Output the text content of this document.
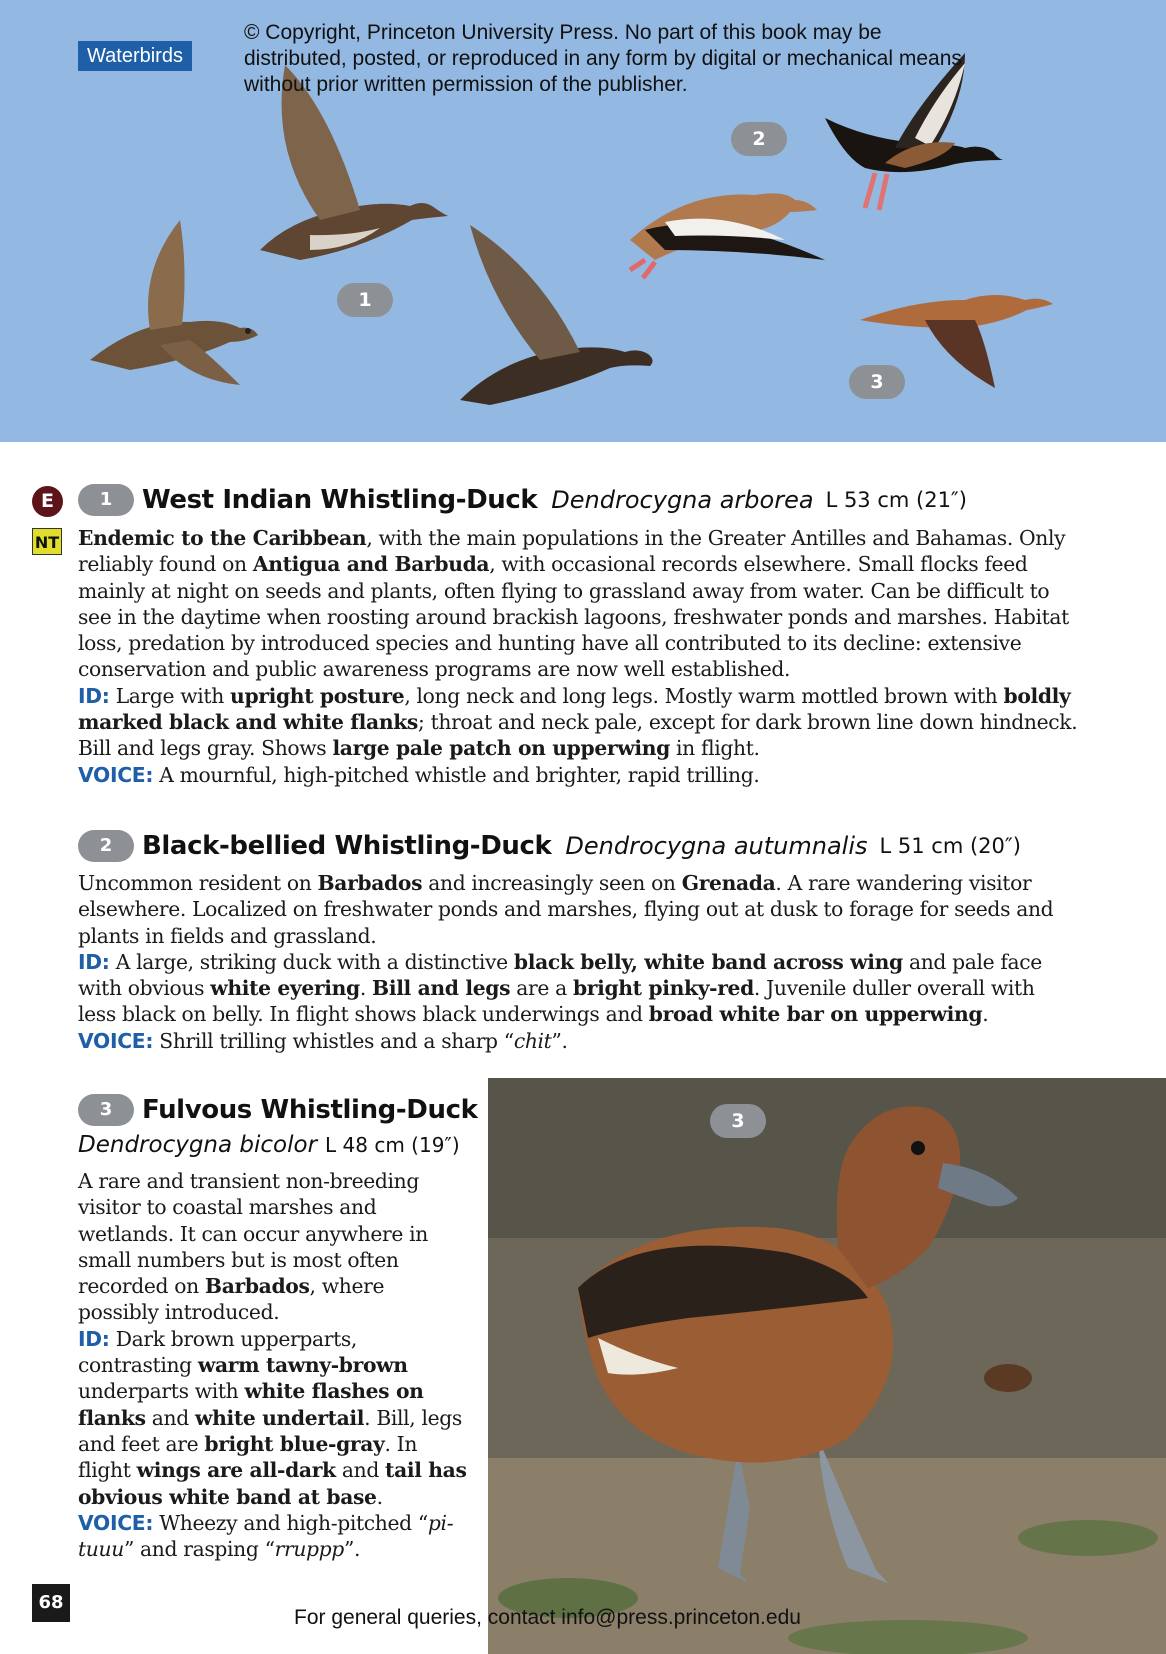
Waterbirds
1
2
3
© Copyright, Princeton University Press. No part of this book may be distributed, posted, or reproduced in any form by digital or mechanical means without prior written permission of the publisher.
E
NT
1 West Indian Whistling-Duck Dendrocygna arborea L 53 cm (21″)
Endemic to the Caribbean, with the main populations in the Greater Antilles and Bahamas. Only reliably found on Antigua and Barbuda, with occasional records elsewhere. Small flocks feed mainly at night on seeds and plants, often flying to grassland away from water. Can be difficult to see in the daytime when roosting around brackish lagoons, freshwater ponds and marshes. Habitat loss, predation by introduced species and hunting have all contributed to its decline: extensive conservation and public awareness programs are now well established.
ID: Large with upright posture, long neck and long legs. Mostly warm mottled brown with boldly marked black and white flanks; throat and neck pale, except for dark brown line down hindneck. Bill and legs gray. Shows large pale patch on upperwing in flight.
VOICE: A mournful, high-pitched whistle and brighter, rapid trilling.
2 Black-bellied Whistling-Duck Dendrocygna autumnalis L 51 cm (20″)
Uncommon resident on Barbados and increasingly seen on Grenada. A rare wandering visitor elsewhere. Localized on freshwater ponds and marshes, flying out at dusk to forage for seeds and plants in fields and grassland.
ID: A large, striking duck with a distinctive black belly, white band across wing and pale face with obvious white eyering. Bill and legs are a bright pinky-red. Juvenile duller overall with less black on belly. In flight shows black underwings and broad white bar on upperwing.
VOICE: Shrill trilling whistles and a sharp “chit”.
3 Fulvous Whistling-Duck
Dendrocygna bicolor L 48 cm (19″)
A rare and transient non-breeding visitor to coastal marshes and wetlands. It can occur anywhere in small numbers but is most often recorded on Barbados, where possibly introduced.
ID: Dark brown upperparts, contrasting warm tawny-brown underparts with white flashes on flanks and white undertail. Bill, legs and feet are bright blue-gray. In flight wings are all-dark and tail has obvious white band at base.
VOICE: Wheezy and high-pitched “pi-tuuu” and rasping “rruppp”.
3
68
For general queries, contact info@press.princeton.edu
